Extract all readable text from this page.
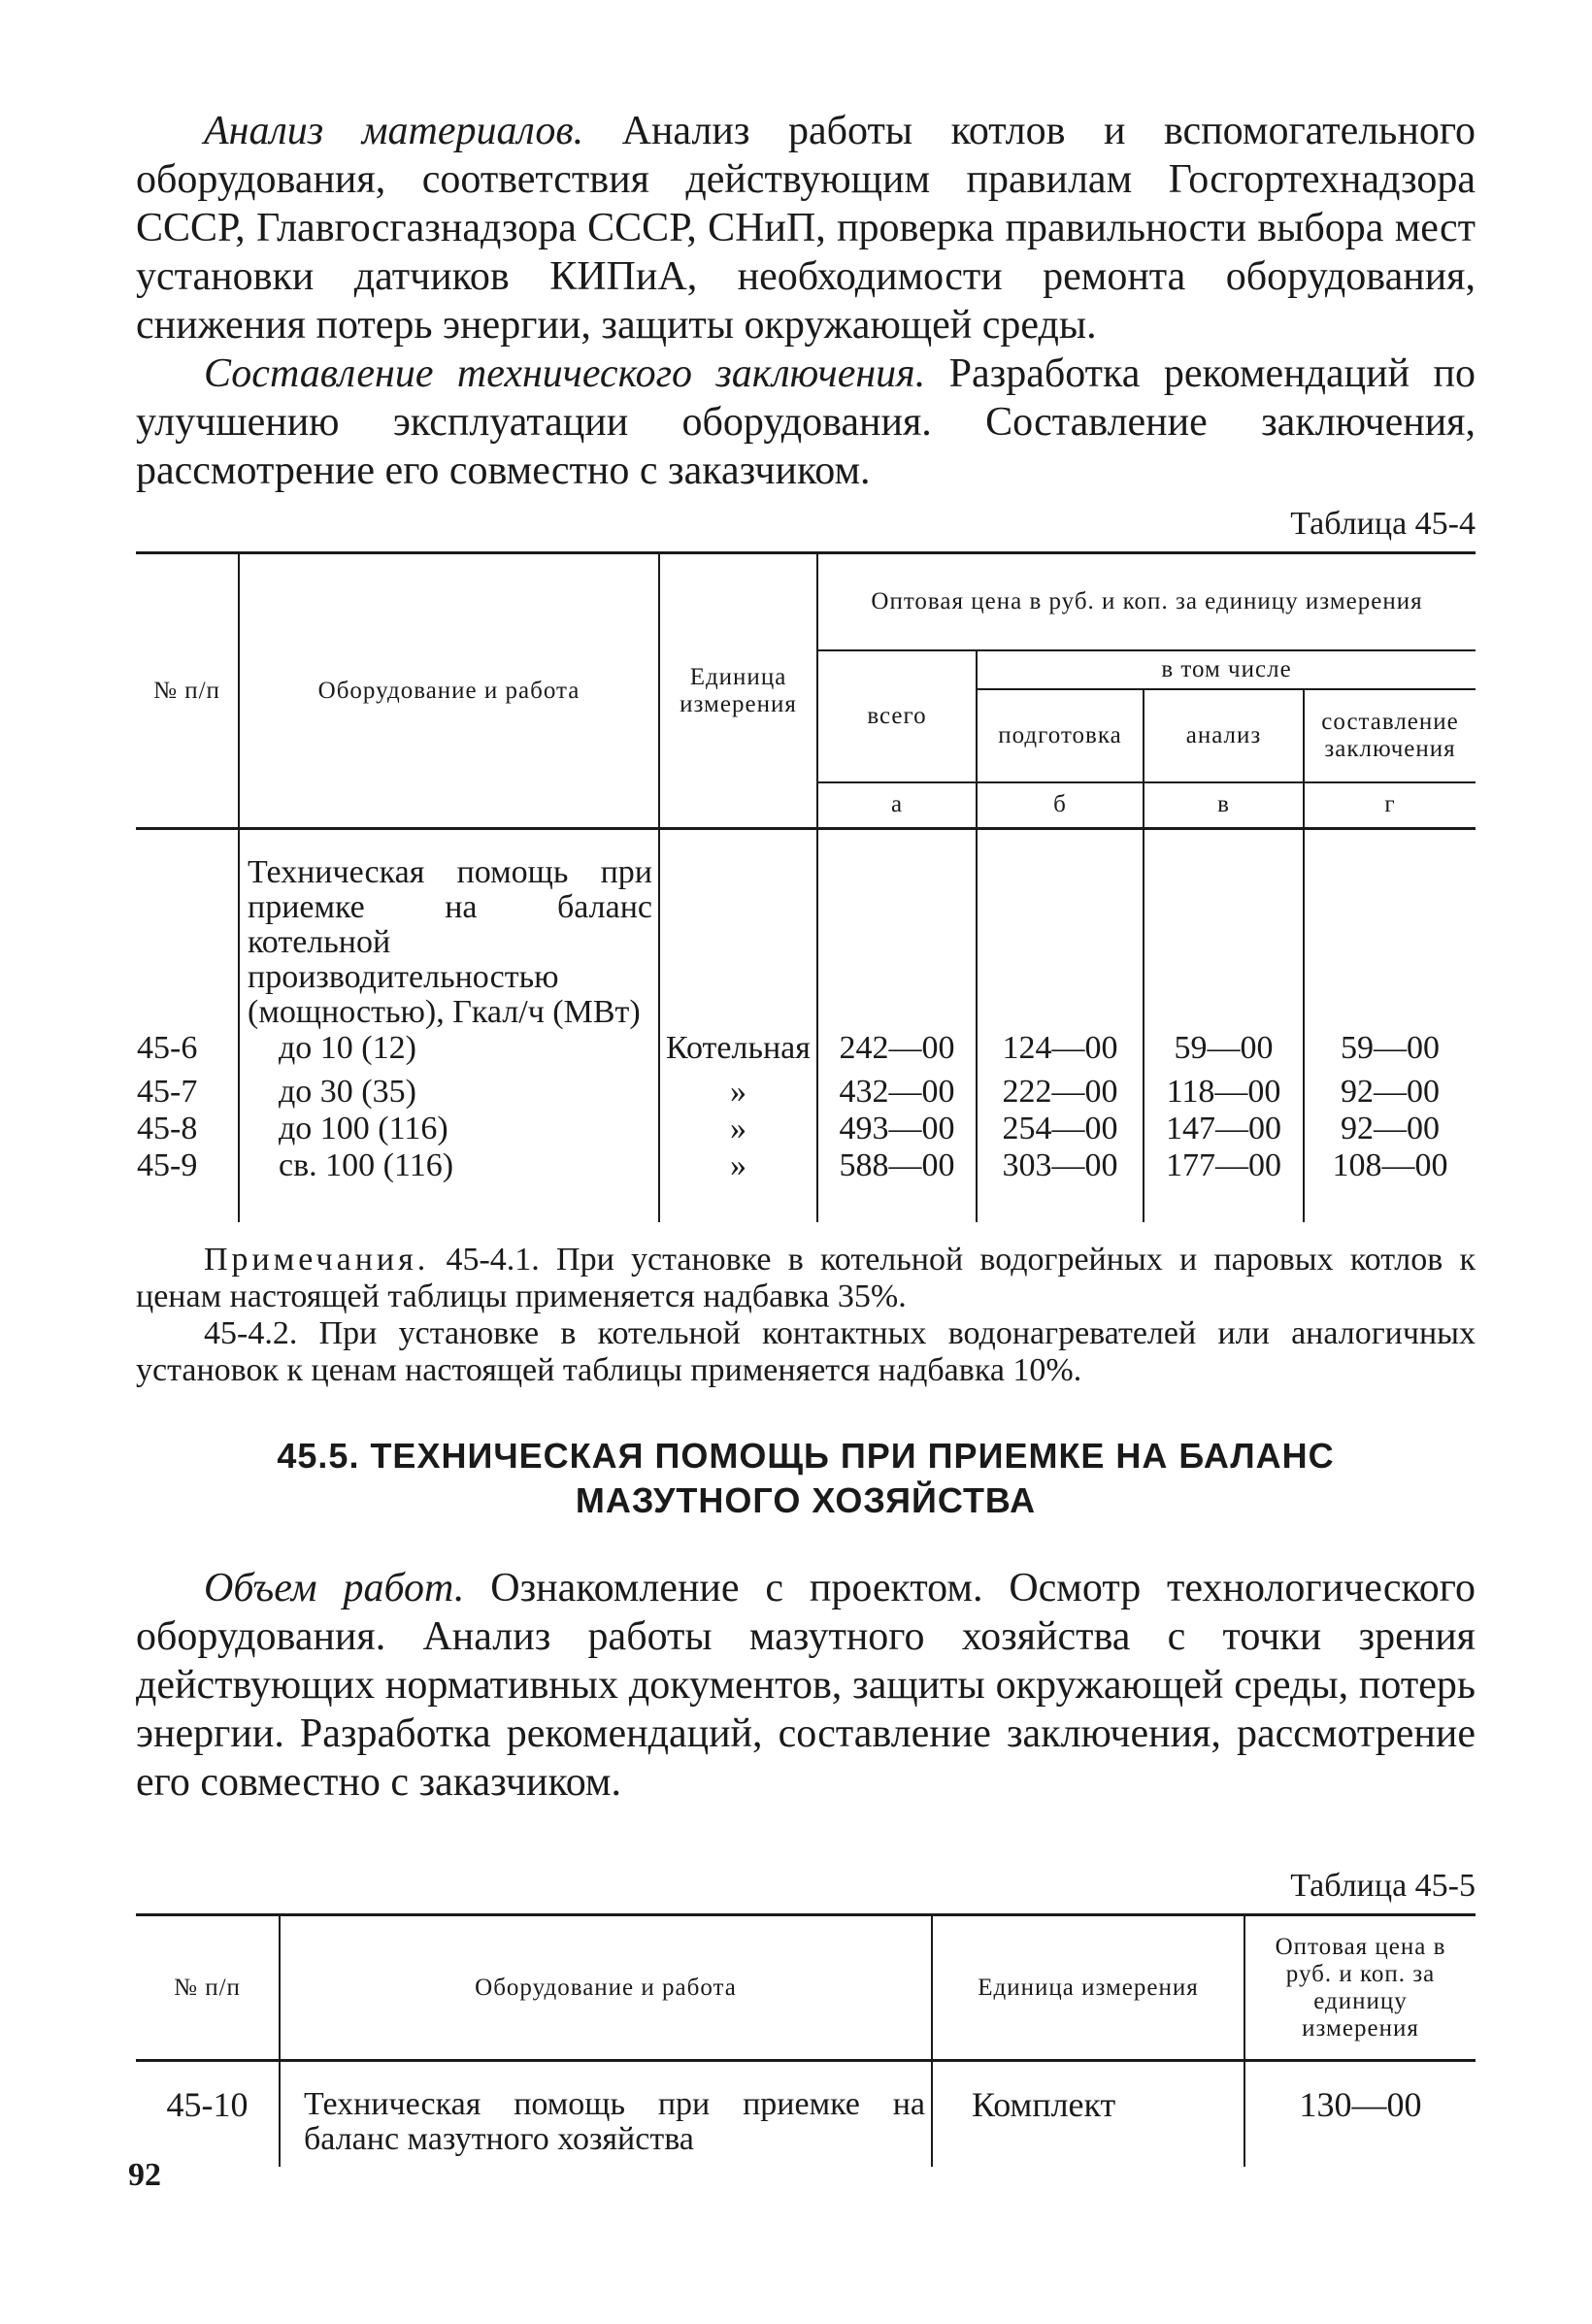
Анализ материалов. Анализ работы котлов и вспомогательного оборудования, соответствия действующим правилам Госгортехнадзора СССР, Главгосгазнадзора СССР, СНиП, проверка правильности выбора мест установки датчиков КИПиА, необходимости ремонта оборудования, снижения потерь энергии, защиты окружающей среды.

Составление технического заключения. Разработка рекомендаций по улучшению эксплуатации оборудования. Составление заключения, рассмотрение его совместно с заказчиком.

Таблица 45-4

№ п/п	Оборудование и работа	Единица измерения	Оптовая цена в руб. и коп. за единицу измерения			
			всего	в том числе		
				подготовка	анализ	составление заключения
			а	б	в	г
	Техническая помощь при приемке на баланс котельной производительностью (мощностью), Гкал/ч (МВт)					
45-6	до 10 (12)	Котельная	242—00	124—00	59—00	59—00
45-7	до 30 (35)	»	432—00	222—00	118—00	92—00
45-8	до 100 (116)	»	493—00	254—00	147—00	92—00
45-9	св. 100 (116)	»	588—00	303—00	177—00	108—00

Примечания. 45-4.1. При установке в котельной водогрейных и паровых котлов к ценам настоящей таблицы применяется надбавка 35%.

45-4.2. При установке в котельной контактных водонагревателей или аналогичных установок к ценам настоящей таблицы применяется надбавка 10%.

45.5. ТЕХНИЧЕСКАЯ ПОМОЩЬ ПРИ ПРИЕМКЕ НА БАЛАНС

МАЗУТНОГО ХОЗЯЙСТВА

Объем работ. Ознакомление с проектом. Осмотр технологического оборудования. Анализ работы мазутного хозяйства с точки зрения действующих нормативных документов, защиты окружающей среды, потерь энергии. Разработка рекомендаций, составление заключения, рассмотрение его совместно с заказчиком.

Таблица 45-5

№ п/п	Оборудование и работа	Единица измерения	Оптовая цена в руб. и коп. за единицу измерения
45-10	Техническая помощь при приемке на баланс мазутного хозяйства	Комплект	130—00
92
